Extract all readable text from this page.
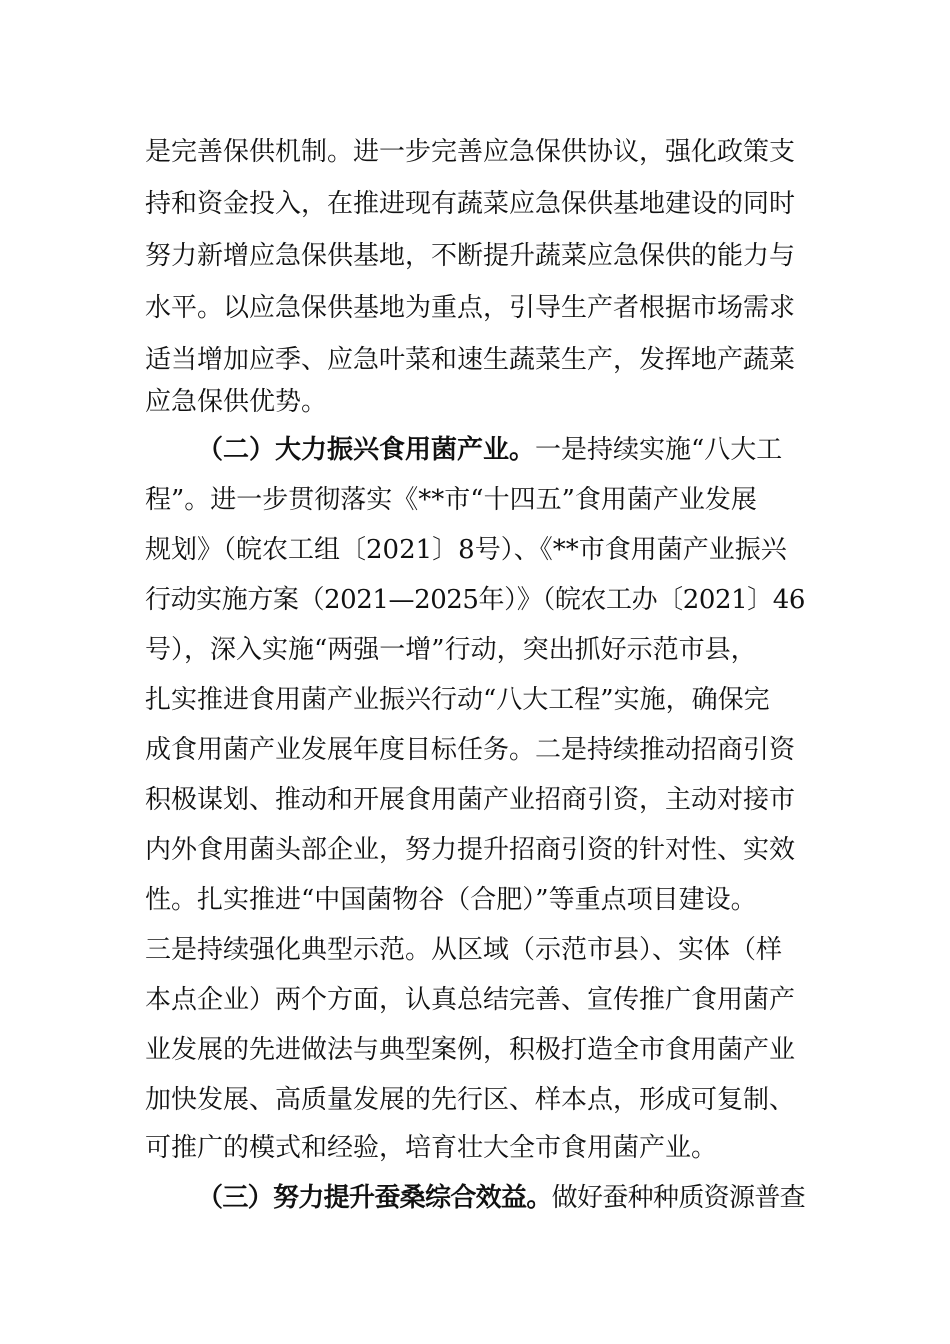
是完善保供机制。进一步完善应急保供协议，强化政策支
持和资金投入，在推进现有蔬菜应急保供基地建设的同时
努力新增应急保供基地，不断提升蔬菜应急保供的能力与
水平。以应急保供基地为重点，引导生产者根据市场需求
适当增加应季、应急叶菜和速生蔬菜生产，发挥地产蔬菜
应急保供优势。
（二）大力振兴食用菌产业。一是持续实施“八大工
程”。进一步贯彻落实《**市“十四五”食用菌产业发展
规划》（皖农工组〔2021〕8号）、《**市食用菌产业振兴
行动实施方案（2021—2025年）》（皖农工办〔2021〕46
号），深入实施“两强一增”行动，突出抓好示范市县，
扎实推进食用菌产业振兴行动“八大工程”实施，确保完
成食用菌产业发展年度目标任务。二是持续推动招商引资
积极谋划、推动和开展食用菌产业招商引资，主动对接市
内外食用菌头部企业，努力提升招商引资的针对性、实效
性。扎实推进“中国菌物谷（合肥）”等重点项目建设。
三是持续强化典型示范。从区域（示范市县）、实体（样
本点企业）两个方面，认真总结完善、宣传推广食用菌产
业发展的先进做法与典型案例，积极打造全市食用菌产业
加快发展、高质量发展的先行区、样本点，形成可复制、
可推广的模式和经验，培育壮大全市食用菌产业。
（三）努力提升蚕桑综合效益。做好蚕种种质资源普查
